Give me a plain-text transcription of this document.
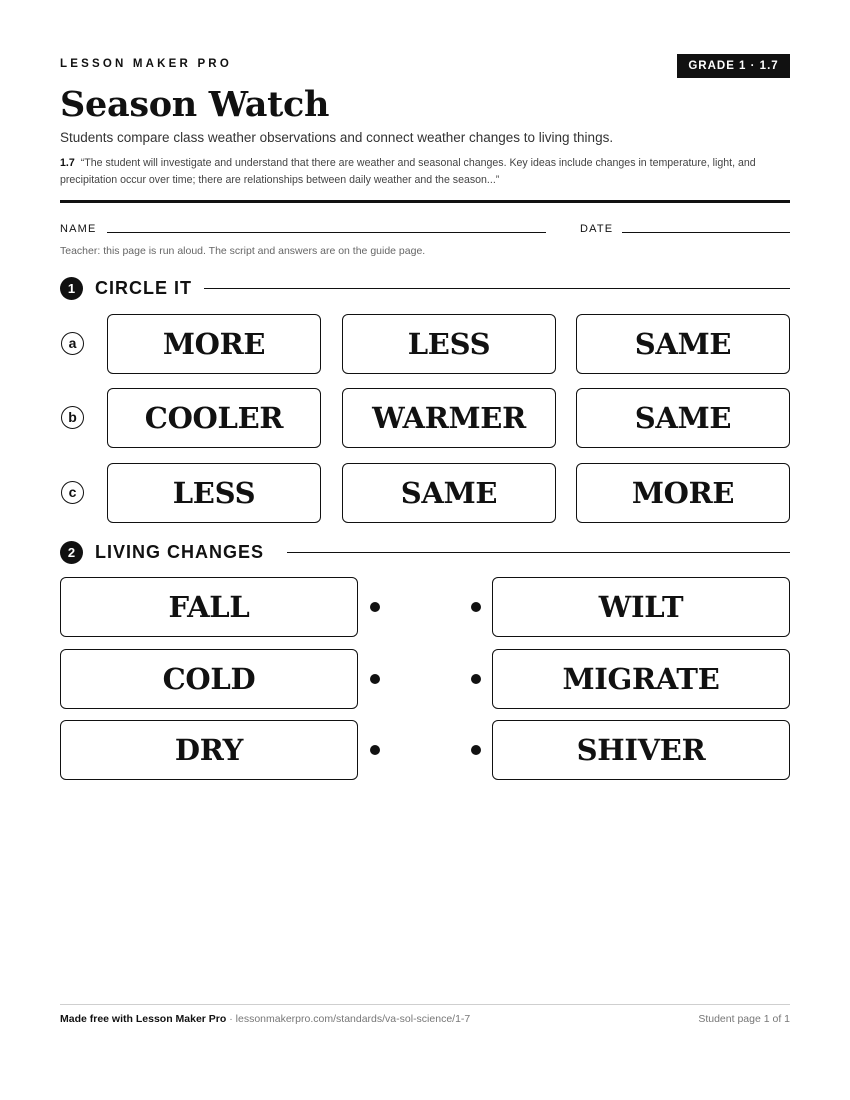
LESSON MAKER PRO	GRADE 1 · 1.7
Season Watch
Students compare class weather observations and connect weather changes to living things.
1.7 “The student will investigate and understand that there are weather and seasonal changes. Key ideas include changes in temperature, light, and precipitation occur over time; there are relationships between daily weather and the season...”
NAME	DATE
Teacher: this page is run aloud. The script and answers are on the guide page.
1	CIRCLE IT
a	MORE	LESS	SAME
b	COOLER	WARMER	SAME
c	LESS	SAME	MORE
2	LIVING CHANGES
FALL	WILT
COLD	MIGRATE
DRY	SHIVER
Made free with Lesson Maker Pro · lessonmakerpro.com/standards/va-sol-science/1-7	Student page 1 of 1
